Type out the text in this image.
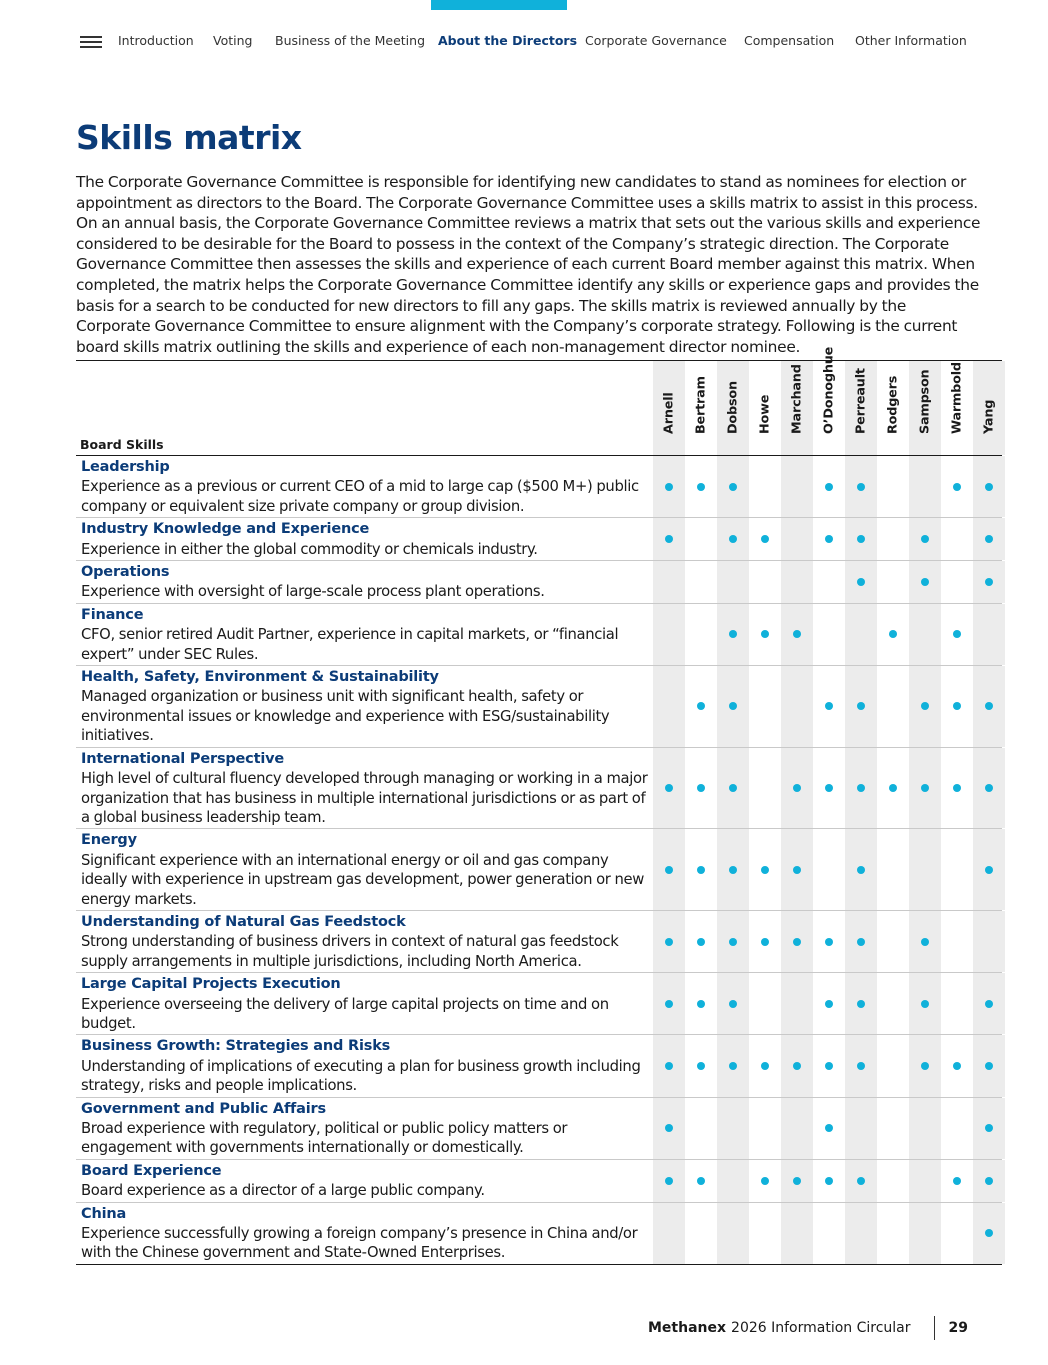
Introduction Voting Business of the Meeting About the Directors Corporate Governance Compensation Other Information
Skills matrix

The Corporate Governance Committee is responsible for identifying new candidates to stand as nominees for election or appointment as directors to the Board. The Corporate Governance Committee uses a skills matrix to assist in this process. On an annual basis, the Corporate Governance Committee reviews a matrix that sets out the various skills and experience considered to be desirable for the Board to possess in the context of the Company’s strategic direction. The Corporate Governance Committee then assesses the skills and experience of each current Board member against this matrix. When completed, the matrix helps the Corporate Governance Committee identify any skills or experience gaps and provides the basis for a search to be conducted for new directors to fill any gaps. The skills matrix is reviewed annually by the Corporate Governance Committee to ensure alignment with the Company’s corporate strategy. Following is the current board skills matrix outlining the skills and experience of each non-management director nominee.

Board Skills
Arnell Bertram Dobson Howe Marchand O’Donoghue Perreault Rodgers Sampson Warmbold Yang
Leadership
Experience as a previous or current CEO of a mid to large cap ($500 M+) public company or equivalent size private company or group division.
Industry Knowledge and Experience
Experience in either the global commodity or chemicals industry.
Operations
Experience with oversight of large-scale process plant operations.
Finance
CFO, senior retired Audit Partner, experience in capital markets, or “financial expert” under SEC Rules.
Health, Safety, Environment & Sustainability
Managed organization or business unit with significant health, safety or environmental issues or knowledge and experience with ESG/sustainability initiatives.
International Perspective
High level of cultural fluency developed through managing or working in a major organization that has business in multiple international jurisdictions or as part of a global business leadership team.
Energy
Significant experience with an international energy or oil and gas company ideally with experience in upstream gas development, power generation or new energy markets.
Understanding of Natural Gas Feedstock
Strong understanding of business drivers in context of natural gas feedstock supply arrangements in multiple jurisdictions, including North America.
Large Capital Projects Execution
Experience overseeing the delivery of large capital projects on time and on budget.
Business Growth: Strategies and Risks
Understanding of implications of executing a plan for business growth including strategy, risks and people implications.
Government and Public Affairs
Broad experience with regulatory, political or public policy matters or engagement with governments internationally or domestically.
Board Experience
Board experience as a director of a large public company.
China
Experience successfully growing a foreign company’s presence in China and/or with the Chinese government and State-Owned Enterprises.
Methanex 2026 Information Circular	29
